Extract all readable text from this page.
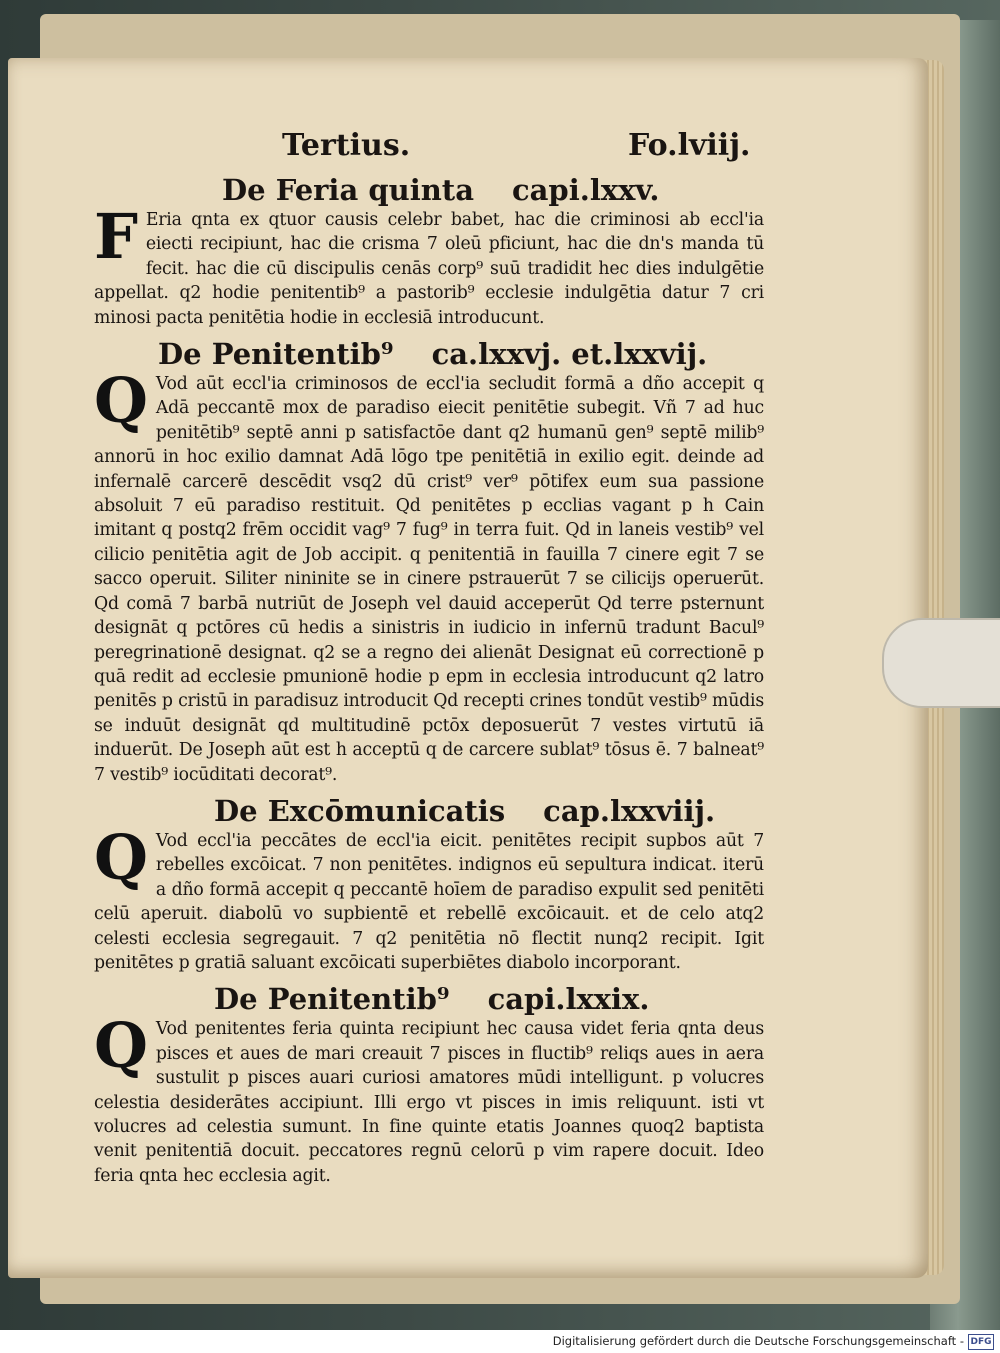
Tertius.	Fo.lviij.
De Feria quinta capi.lxxv.

F Eria qnta ex qtuor causis celebr babet, hac die criminosi ab eccl'ia eiecti recipiunt, hac die crisma 7 oleū pficiunt, hac die dn's manda tū fecit. hac die cū discipulis cenās corp⁹ suū tradidit hec dies indulgētie appellat. q2 hodie penitentib⁹ a pastorib⁹ ecclesie indulgētia datur 7 cri minosi pacta penitētia hodie in ecclesiā introducunt.

De Penitentib⁹ ca.lxxvj. et.lxxvij.

Q Vod aūt eccl'ia criminosos de eccl'ia secludit formā a dño accepit q Adā peccantē mox de paradiso eiecit penitētie subegit. Vñ 7 ad huc penitētib⁹ septē anni p satisfactōe dant q2 humanū gen⁹ septē milib⁹ annorū in hoc exilio damnat Adā lōgo tpe penitētiā in exilio egit. deinde ad infernalē carcerē descēdit vsq2 dū crist⁹ ver⁹ pōtifex eum sua passione absoluit 7 eū paradiso restituit. Qd penitētes p ecclias vagant p h Cain imitant q postq2 frēm occidit vag⁹ 7 fug⁹ in terra fuit. Qd in laneis vestib⁹ vel cilicio penitētia agit de Job accipit. q penitentiā in fauilla 7 cinere egit 7 se sacco operuit. Siliter nininite se in cinere pstrauerūt 7 se cilicijs operuerūt. Qd comā 7 barbā nutriūt de Joseph vel dauid acceperūt Qd terre psternunt designāt q pctōres cū hedis a sinistris in iudicio in infernū tradunt Bacul⁹ peregrinationē designat. q2 se a regno dei alienāt Designat eū correctionē p quā redit ad ecclesie pmunionē hodie p epm in ecclesia introducunt q2 latro penitēs p cristū in paradisuz introducit Qd recepti crines tondūt vestib⁹ mūdis se induūt designāt qd multitudinē pctōx deposuerūt 7 vestes virtutū iā induerūt. De Joseph aūt est h acceptū q de carcere sublat⁹ tōsus ē. 7 balneat⁹ 7 vestib⁹ iocūditati decorat⁹.

De Excōmunicatis cap.lxxviij.

Q Vod eccl'ia peccātes de eccl'ia eicit. penitētes recipit supbos aūt 7 rebelles excōicat. 7 non penitētes. indignos eū sepultura indicat. iterū a dño formā accepit q peccantē hoīem de paradiso expulit sed penitēti celū aperuit. diabolū vo supbientē et rebellē excōicauit. et de celo atq2 celesti ecclesia segregauit. 7 q2 penitētia nō flectit nunq2 recipit. Igit penitētes p gratiā saluant excōicati superbiētes diabolo incorporant.

De Penitentib⁹ capi.lxxix.

Q Vod penitentes feria quinta recipiunt hec causa videt feria qnta deus pisces et aues de mari creauit 7 pisces in fluctib⁹ reliqs aues in aera sustulit p pisces auari curiosi amatores mūdi intelligunt. p volucres celestia desiderātes accipiunt. Illi ergo vt pisces in imis reliquunt. isti vt volucres ad celestia sumunt. In fine quinte etatis Joannes quoq2 baptista venit penitentiā docuit. peccatores regnū celorū p vim rapere docuit. Ideo feria qnta hec ecclesia agit.

Digitalisierung gefördert durch die Deutsche Forschungsgemeinschaft - DFG
